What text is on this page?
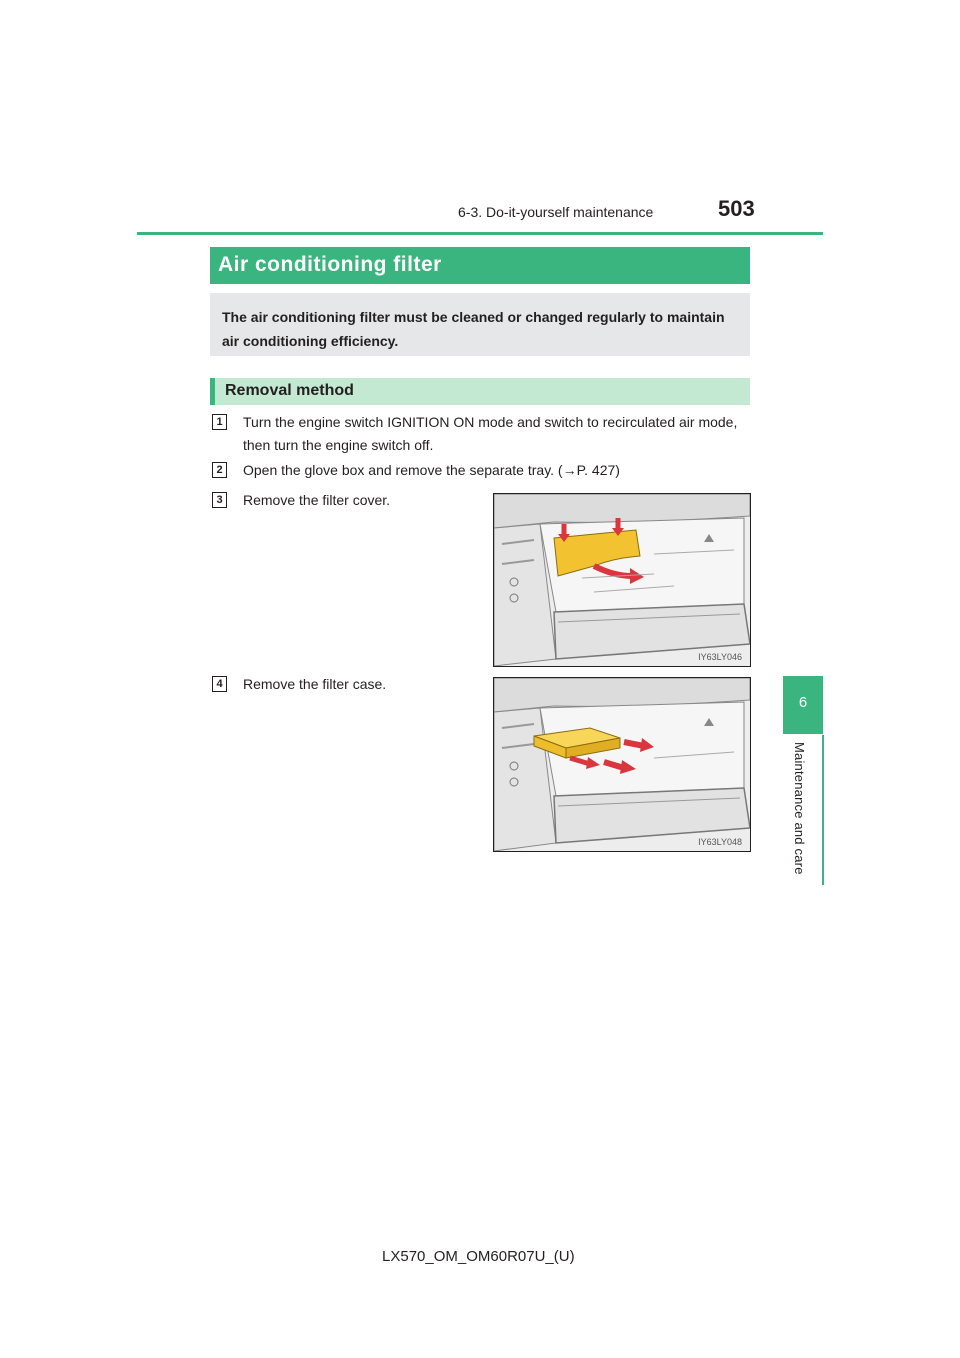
6-3. Do-it-yourself maintenance	503
Air conditioning filter
The air conditioning filter must be cleaned or changed regularly to maintain air conditioning efficiency.
Removal method
1	Turn the engine switch IGNITION ON mode and switch to recirculated air mode, then turn the engine switch off.
2	Open the glove box and remove the separate tray. (→P. 427)
3	Remove the filter cover.
IY63LY046
4	Remove the filter case.
IY63LY048
6
Maintenance and care
LX570_OM_OM60R07U_(U)
